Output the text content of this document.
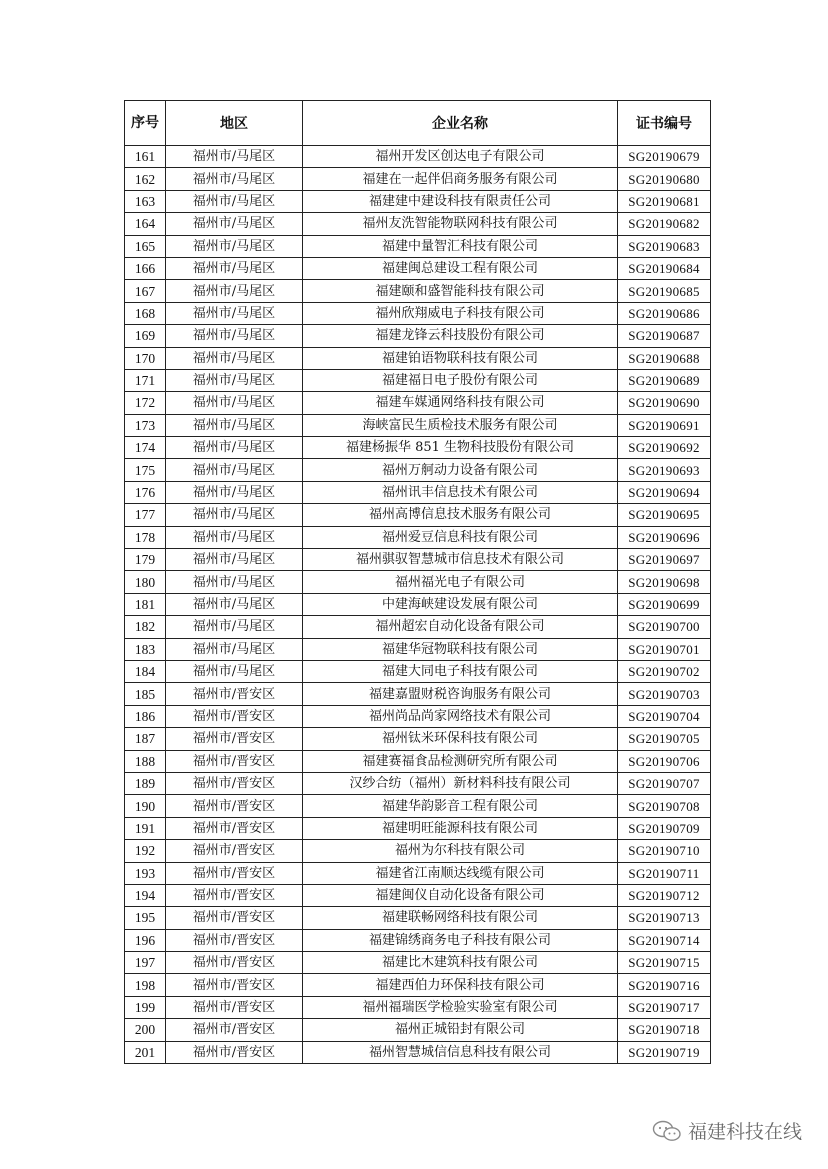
序号	地区	企业名称	证书编号
161	福州市/马尾区	福州开发区创达电子有限公司	SG20190679
162	福州市/马尾区	福建在一起伴侣商务服务有限公司	SG20190680
163	福州市/马尾区	福建建中建设科技有限责任公司	SG20190681
164	福州市/马尾区	福州友洗智能物联网科技有限公司	SG20190682
165	福州市/马尾区	福建中量智汇科技有限公司	SG20190683
166	福州市/马尾区	福建闽总建设工程有限公司	SG20190684
167	福州市/马尾区	福建颐和盛智能科技有限公司	SG20190685
168	福州市/马尾区	福州欣翔威电子科技有限公司	SG20190686
169	福州市/马尾区	福建龙锋云科技股份有限公司	SG20190687
170	福州市/马尾区	福建铂语物联科技有限公司	SG20190688
171	福州市/马尾区	福建福日电子股份有限公司	SG20190689
172	福州市/马尾区	福建车媒通网络科技有限公司	SG20190690
173	福州市/马尾区	海峡富民生质检技术服务有限公司	SG20190691
174	福州市/马尾区	福建杨振华 851 生物科技股份有限公司	SG20190692
175	福州市/马尾区	福州万舸动力设备有限公司	SG20190693
176	福州市/马尾区	福州讯丰信息技术有限公司	SG20190694
177	福州市/马尾区	福州高博信息技术服务有限公司	SG20190695
178	福州市/马尾区	福州爱豆信息科技有限公司	SG20190696
179	福州市/马尾区	福州骐驭智慧城市信息技术有限公司	SG20190697
180	福州市/马尾区	福州福光电子有限公司	SG20190698
181	福州市/马尾区	中建海峡建设发展有限公司	SG20190699
182	福州市/马尾区	福州超宏自动化设备有限公司	SG20190700
183	福州市/马尾区	福建华冠物联科技有限公司	SG20190701
184	福州市/马尾区	福建大同电子科技有限公司	SG20190702
185	福州市/晋安区	福建嘉盟财税咨询服务有限公司	SG20190703
186	福州市/晋安区	福州尚品尚家网络技术有限公司	SG20190704
187	福州市/晋安区	福州钛米环保科技有限公司	SG20190705
188	福州市/晋安区	福建赛福食品检测研究所有限公司	SG20190706
189	福州市/晋安区	汉纱合纺（福州）新材料科技有限公司	SG20190707
190	福州市/晋安区	福建华韵影音工程有限公司	SG20190708
191	福州市/晋安区	福建明旺能源科技有限公司	SG20190709
192	福州市/晋安区	福州为尔科技有限公司	SG20190710
193	福州市/晋安区	福建省江南顺达线缆有限公司	SG20190711
194	福州市/晋安区	福建闽仪自动化设备有限公司	SG20190712
195	福州市/晋安区	福建联畅网络科技有限公司	SG20190713
196	福州市/晋安区	福建锦绣商务电子科技有限公司	SG20190714
197	福州市/晋安区	福建比木建筑科技有限公司	SG20190715
198	福州市/晋安区	福建西伯力环保科技有限公司	SG20190716
199	福州市/晋安区	福州福瑞医学检验实验室有限公司	SG20190717
200	福州市/晋安区	福州正城铅封有限公司	SG20190718
201	福州市/晋安区	福州智慧城信信息科技有限公司	SG20190719
福建科技在线
